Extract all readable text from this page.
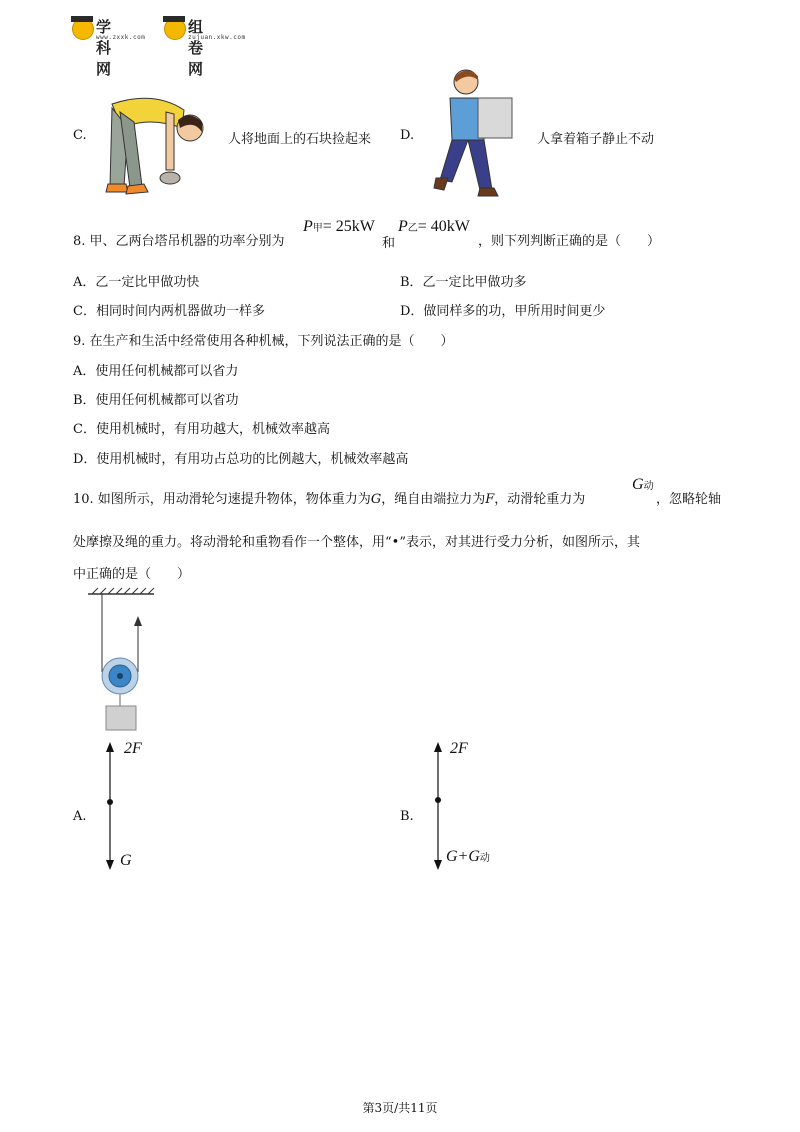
学科网
www.zxxk.com
组卷网
zujuan.xkw.com
C.	人将地面上的石块捡起来 D.	人拿着箱子静止不动
8. 甲、乙两台塔吊机器的功率分别为
P甲= 25kW
和
P乙= 40kW
，则下列判断正确的是（　　）
A．乙一定比甲做功快	B．乙一定比甲做功多
C．相同时间内两机器做功一样多	D．做同样多的功，甲所用时间更少
9. 在生产和生活中经常使用各种机械，下列说法正确的是（　　）
A．使用任何机械都可以省力
B．使用任何机械都可以省功
C．使用机械时，有用功越大，机械效率越高
D．使用机械时，有用功占总功的比例越大，机械效率越高
10. 如图所示，用动滑轮匀速提升物体，物体重力为G，绳自由端拉力为F，动滑轮重力为
G动
，忽略轮轴
处摩擦及绳的重力。将动滑轮和重物看作一个整体，用“•”表示，对其进行受力分析，如图所示，其
中正确的是（　　）
A.
2F
G
B.
2F
G+G动
第3页/共11页
